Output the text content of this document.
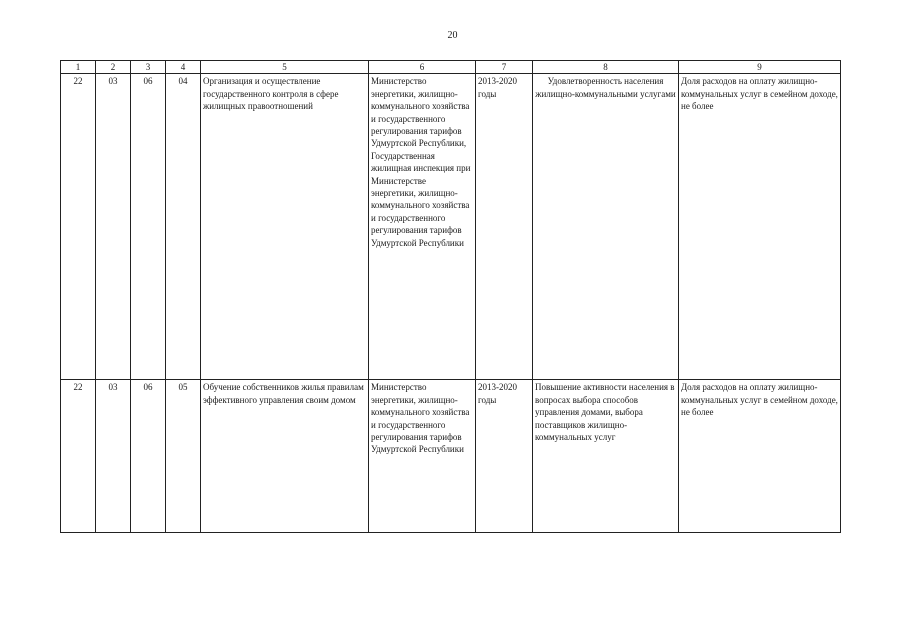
20
1	2	3	4	5	6	7	8	9
22	03	06	04	Организация и осуществление государственного контроля в сфере жилищных правоотношений	Министерство энергетики, жилищно-коммунального хозяйства и государственного регулирования тарифов Удмуртской Республики, Государственная жилищная инспекция при Министерстве энергетики, жилищно-коммунального хозяйства и государственного регулирования тарифов Удмуртской Республики	2013-2020 годы	Удовлетворенность населения жилищно-коммунальными услугами	Доля расходов на оплату жилищно-коммунальных услуг в семейном доходе, не более

22	03	06	05	Обучение собственников жилья правилам эффективного управления своим домом	Министерство энергетики, жилищно-коммунального хозяйства и государственного регулирования тарифов Удмуртской Республики	2013-2020 годы	Повышение активности населения в вопросах выбора способов управления домами, выбора поставщиков жилищно-коммунальных услуг	Доля расходов на оплату жилищно-коммунальных услуг в семейном доходе, не более
